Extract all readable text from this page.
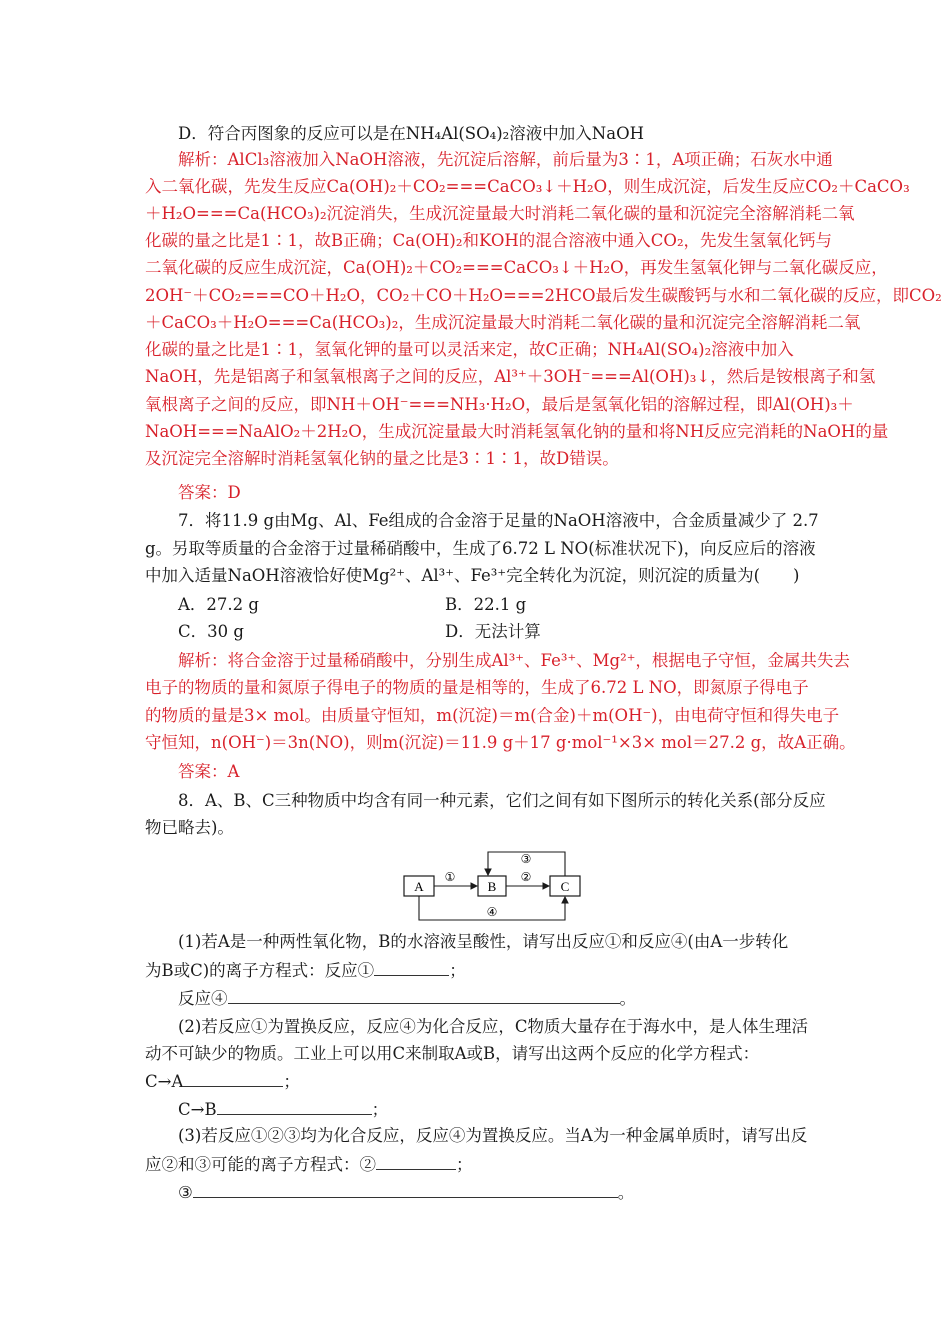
D．符合丙图象的反应可以是在NH₄Al(SO₄)₂溶液中加入NaOH
解析：AlCl₃溶液加入NaOH溶液，先沉淀后溶解，前后量为3∶1，A项正确；石灰水中通
入二氧化碳，先发生反应Ca(OH)₂＋CO₂===CaCO₃↓＋H₂O，则生成沉淀，后发生反应CO₂＋CaCO₃
＋H₂O===Ca(HCO₃)₂沉淀消失，生成沉淀量最大时消耗二氧化碳的量和沉淀完全溶解消耗二氧
化碳的量之比是1∶1，故B正确；Ca(OH)₂和KOH的混合溶液中通入CO₂，先发生氢氧化钙与
二氧化碳的反应生成沉淀，Ca(OH)₂＋CO₂===CaCO₃↓＋H₂O，再发生氢氧化钾与二氧化碳反应，
2OH⁻＋CO₂===CO＋H₂O，CO₂＋CO＋H₂O===2HCO最后发生碳酸钙与水和二氧化碳的反应，即CO₂
＋CaCO₃＋H₂O===Ca(HCO₃)₂，生成沉淀量最大时消耗二氧化碳的量和沉淀完全溶解消耗二氧
化碳的量之比是1∶1，氢氧化钾的量可以灵活来定，故C正确；NH₄Al(SO₄)₂溶液中加入
NaOH，先是铝离子和氢氧根离子之间的反应，Al³⁺＋3OH⁻===Al(OH)₃↓，然后是铵根离子和氢
氧根离子之间的反应，即NH＋OH⁻===NH₃·H₂O，最后是氢氧化铝的溶解过程，即Al(OH)₃＋
NaOH===NaAlO₂＋2H₂O，生成沉淀量最大时消耗氢氧化钠的量和将NH反应完消耗的NaOH的量
及沉淀完全溶解时消耗氢氧化钠的量之比是3∶1∶1，故D错误。
答案：D
7．将11.9 g由Mg、Al、Fe组成的合金溶于足量的NaOH溶液中，合金质量减少了 2.7
g。另取等质量的合金溶于过量稀硝酸中，生成了6.72 L NO(标准状况下)，向反应后的溶液
中加入适量NaOH溶液恰好使Mg²⁺、Al³⁺、Fe³⁺完全转化为沉淀，则沉淀的质量为(　　)
A．27.2 g	B．22.1 g
C．30 g	D．无法计算
解析：将合金溶于过量稀硝酸中，分别生成Al³⁺、Fe³⁺、Mg²⁺，根据电子守恒，金属共失去
电子的物质的量和氮原子得电子的物质的量是相等的，生成了6.72 L NO，即氮原子得电子
的物质的量是3× mol。由质量守恒知，m(沉淀)＝m(合金)＋m(OH⁻)，由电荷守恒和得失电子
守恒知，n(OH⁻)＝3n(NO)，则m(沉淀)＝11.9 g＋17 g·mol⁻¹×3× mol＝27.2 g，故A正确。
答案：A
8．A、B、C三种物质中均含有同一种元素，它们之间有如下图所示的转化关系(部分反应
物已略去)。
A	B	C
①	②
③
④
(1)若A是一种两性氧化物，B的水溶液呈酸性，请写出反应①和反应④(由A一步转化
为B或C)的离子方程式：反应①	；
反应④	。
(2)若反应①为置换反应，反应④为化合反应，C物质大量存在于海水中，是人体生理活
动不可缺少的物质。工业上可以用C来制取A或B，请写出这两个反应的化学方程式：
C→A	；
C→B	；
(3)若反应①②③均为化合反应，反应④为置换反应。当A为一种金属单质时，请写出反
应②和③可能的离子方程式：②	；
③	。
